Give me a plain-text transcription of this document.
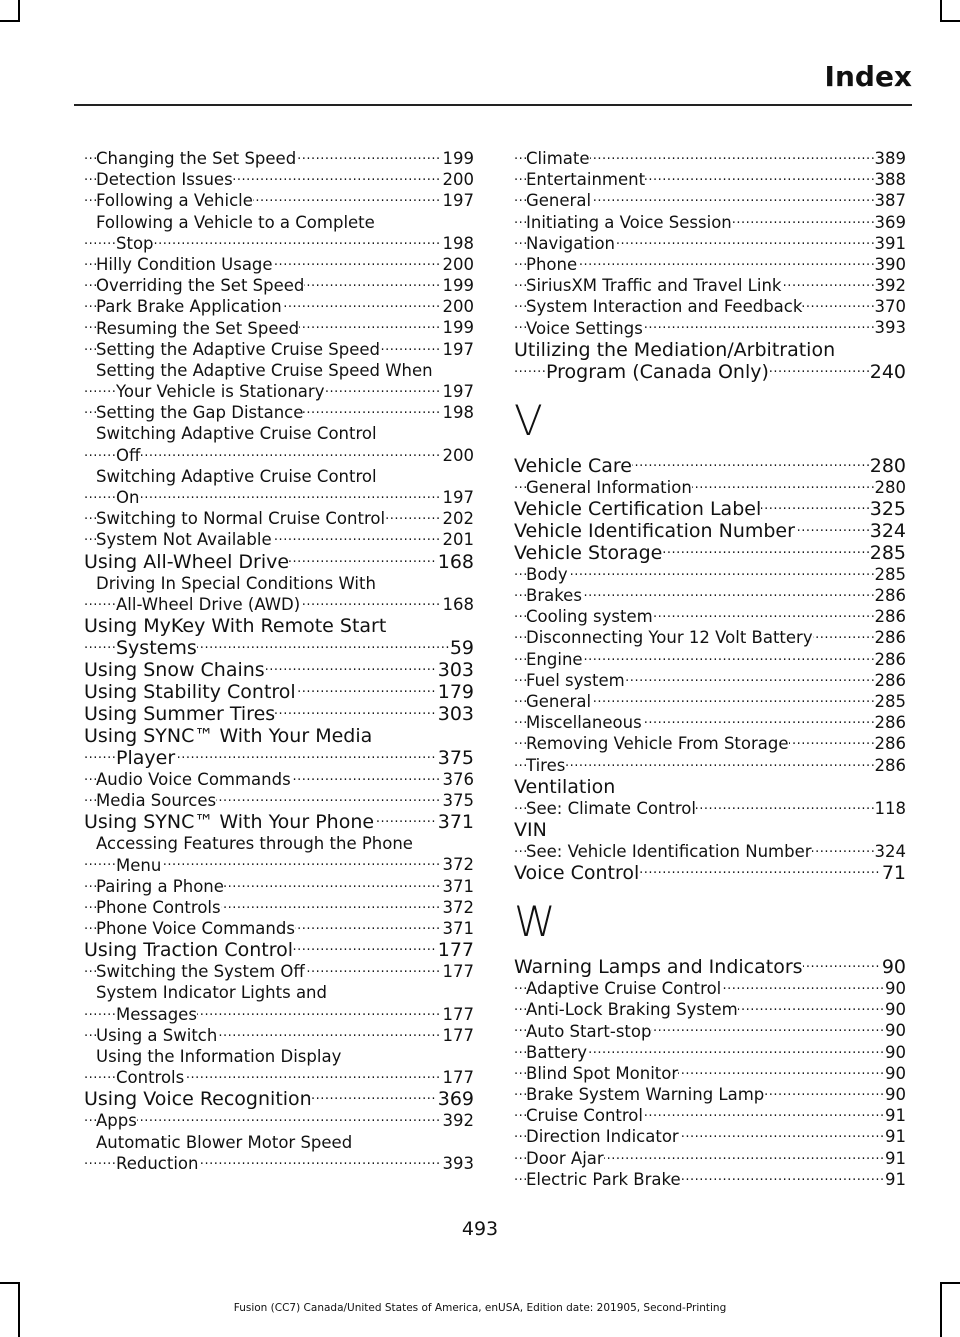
Index
Changing the Set Speed	199
.....
Detection Issues	200
.....
Following a Vehicle	197
.....
Following a Vehicle to a Complete
Stop	198
.....
Hilly Condition Usage	200
.....
Overriding the Set Speed	199
.....
Park Brake Application	200
.....
Resuming the Set Speed	199
.....
Setting the Adaptive Cruise Speed	197
.....
Setting the Adaptive Cruise Speed When
Your Vehicle is Stationary	197
.....
Setting the Gap Distance	198
.....
Switching Adaptive Cruise Control
Off	200
.....
Switching Adaptive Cruise Control
On	197
.....
Switching to Normal Cruise Control	202
.....
System Not Available	201
.....
Using All-Wheel Drive	168
.....
Driving In Special Conditions With
All-Wheel Drive (AWD)	168
.....
Using MyKey With Remote Start
Systems	59
.....
Using Snow Chains	303
.....
Using Stability Control	179
.....
Using Summer Tires	303
.....
Using SYNC™ With Your Media
Player	375
.....
Audio Voice Commands	376
.....
Media Sources	375
.....
Using SYNC™ With Your Phone	371
.....
Accessing Features through the Phone
Menu	372
.....
Pairing a Phone	371
.....
Phone Controls	372
.....
Phone Voice Commands	371
.....
Using Traction Control	177
.....
Switching the System Off	177
.....
System Indicator Lights and
Messages	177
.....
Using a Switch	177
.....
Using the Information Display
Controls	177
.....
Using Voice Recognition	369
.....
Apps	392
.....
Automatic Blower Motor Speed
Reduction	393
.....
Climate	389
.....
Entertainment	388
.....
General	387
.....
Initiating a Voice Session	369
.....
Navigation	391
.....
Phone	390
.....
SiriusXM Traffic and Travel Link	392
.....
System Interaction and Feedback	370
.....
Voice Settings	393
.....
Utilizing the Mediation/Arbitration
Program (Canada Only)	240
.....
V
Vehicle Care	280
.....
General Information	280
.....
Vehicle Certification Label	325
.....
Vehicle Identification Number	324
.....
Vehicle Storage	285
.....
Body	285
.....
Brakes	286
.....
Cooling system	286
.....
Disconnecting Your 12 Volt Battery	286
.....
Engine	286
.....
Fuel system	286
.....
General	285
.....
Miscellaneous	286
.....
Removing Vehicle From Storage	286
.....
Tires	286
.....
Ventilation
See: Climate Control	118
.....
VIN
See: Vehicle Identification Number	324
.....
Voice Control	71
.....
W
Warning Lamps and Indicators	90
.....
Adaptive Cruise Control	90
.....
Anti-Lock Braking System	90
.....
Auto Start-stop	90
.....
Battery	90
.....
Blind Spot Monitor	90
.....
Brake System Warning Lamp	90
.....
Cruise Control	91
.....
Direction Indicator	91
.....
Door Ajar	91
.....
Electric Park Brake	91
.....
493
Fusion (CC7) Canada/United States of America, enUSA, Edition date: 201905, Second-Printing
